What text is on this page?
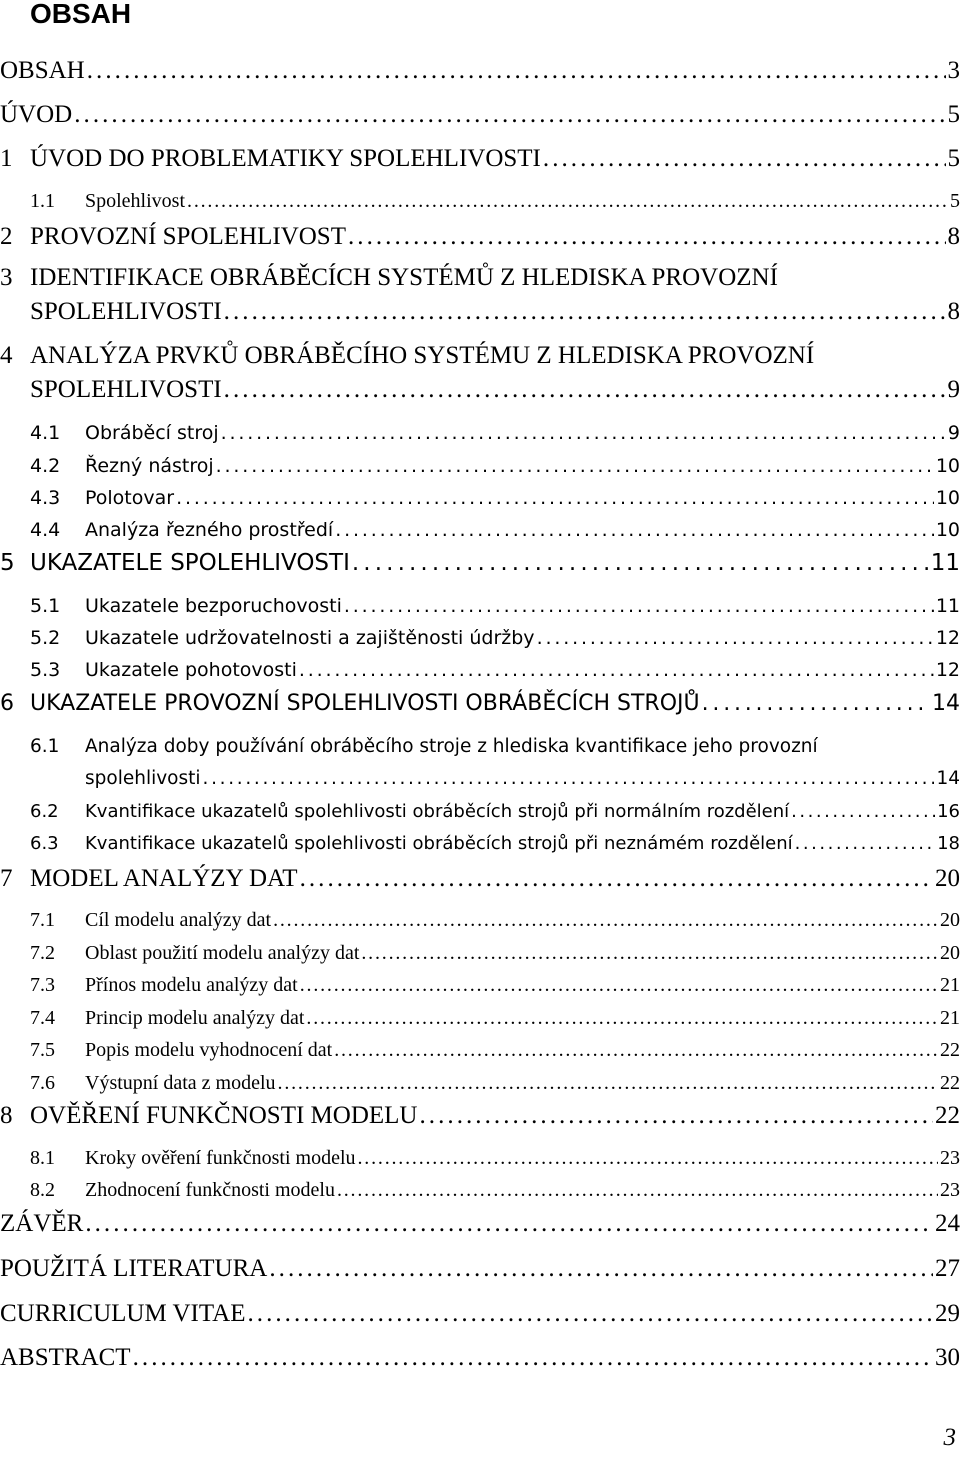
OBSAH
OBSAH . . .	3
ÚVOD . . .	5
1 ÚVOD DO PROBLEMATIKY SPOLEHLIVOSTI . . .	5
1.1	Spolehlivost . . .	5
2 PROVOZNÍ SPOLEHLIVOST . . .	8
3 IDENTIFIKACE OBRÁBĚCÍCH SYSTÉMŮ Z HLEDISKA PROVOZNÍ
SPOLEHLIVOSTI . . .	8
4 ANALÝZA PRVKŮ OBRÁBĚCÍHO SYSTÉMU Z HLEDISKA PROVOZNÍ
SPOLEHLIVOSTI . . .	9
4.1	Obráběcí stroj . . .	9
4.2	Řezný nástroj . . .	10
4.3	Polotovar . . .	10
4.4	Analýza řezného prostředí . . .	10
5 UKAZATELE SPOLEHLIVOSTI . . .	11
5.1	Ukazatele bezporuchovosti . . .	11
5.2	Ukazatele udržovatelnosti a zajištěnosti údržby . . .	12
5.3	Ukazatele pohotovosti . . .	12
6 UKAZATELE PROVOZNÍ SPOLEHLIVOSTI OBRÁBĚCÍCH STROJŮ . . .	14
6.1	Analýza doby používání obráběcího stroje z hlediska kvantifikace jeho provozní
spolehlivosti . . .	14
6.2	Kvantifikace ukazatelů spolehlivosti obráběcích strojů při normálním rozdělení . . .	16
6.3	Kvantifikace ukazatelů spolehlivosti obráběcích strojů při neznámém rozdělení . . .	18
7 MODEL ANALÝZY DAT . . .	20
7.1	Cíl modelu analýzy dat . . .	20
7.2	Oblast použití modelu analýzy dat . . .	20
7.3	Přínos modelu analýzy dat . . .	21
7.4	Princip modelu analýzy dat . . .	21
7.5	Popis modelu vyhodnocení dat . . .	22
7.6	Výstupní data z modelu . . .	22
8 OVĚŘENÍ FUNKČNOSTI MODELU . . .	22
8.1	Kroky ověření funkčnosti modelu . . .	23
8.2	Zhodnocení funkčnosti modelu . . .	23
ZÁVĚR . . .	24
POUŽITÁ LITERATURA . . .	27
CURRICULUM VITAE . . .	29
ABSTRACT . . .	30

3
